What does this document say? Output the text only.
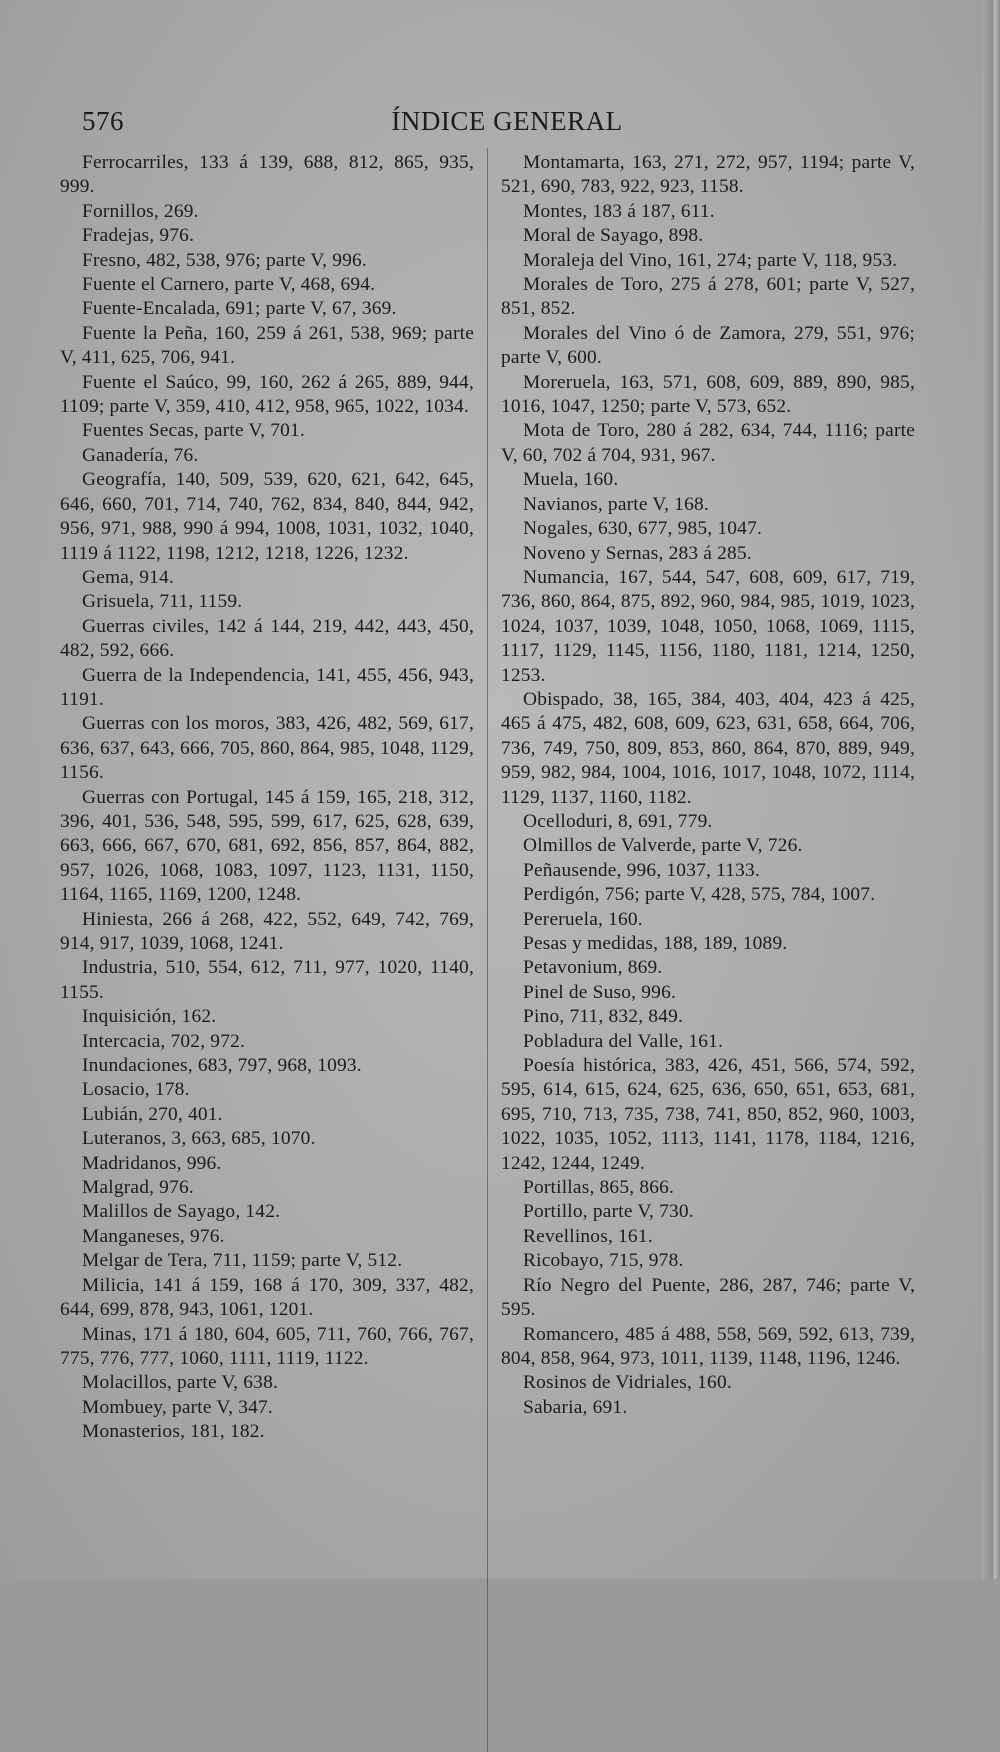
576	ÍNDICE GENERAL

Ferrocarriles, 133 á 139, 688, 812, 865, 935, 999.

Fornillos, 269.

Fradejas, 976.

Fresno, 482, 538, 976; parte V, 996.

Fuente el Carnero, parte V, 468, 694.

Fuente-Encalada, 691; parte V, 67, 369.

Fuente la Peña, 160, 259 á 261, 538, 969; parte V, 411, 625, 706, 941.

Fuente el Saúco, 99, 160, 262 á 265, 889, 944, 1109; parte V, 359, 410, 412, 958, 965, 1022, 1034.

Fuentes Secas, parte V, 701.

Ganadería, 76.

Geografía, 140, 509, 539, 620, 621, 642, 645, 646, 660, 701, 714, 740, 762, 834, 840, 844, 942, 956, 971, 988, 990 á 994, 1008, 1031, 1032, 1040, 1119 á 1122, 1198, 1212, 1218, 1226, 1232.

Gema, 914.

Grisuela, 711, 1159.

Guerras civiles, 142 á 144, 219, 442, 443, 450, 482, 592, 666.

Guerra de la Independencia, 141, 455, 456, 943, 1191.

Guerras con los moros, 383, 426, 482, 569, 617, 636, 637, 643, 666, 705, 860, 864, 985, 1048, 1129, 1156.

Guerras con Portugal, 145 á 159, 165, 218, 312, 396, 401, 536, 548, 595, 599, 617, 625, 628, 639, 663, 666, 667, 670, 681, 692, 856, 857, 864, 882, 957, 1026, 1068, 1083, 1097, 1123, 1131, 1150, 1164, 1165, 1169, 1200, 1248.

Hiniesta, 266 á 268, 422, 552, 649, 742, 769, 914, 917, 1039, 1068, 1241.

Industria, 510, 554, 612, 711, 977, 1020, 1140, 1155.

Inquisición, 162.

Intercacia, 702, 972.

Inundaciones, 683, 797, 968, 1093.

Losacio, 178.

Lubián, 270, 401.

Luteranos, 3, 663, 685, 1070.

Madridanos, 996.

Malgrad, 976.

Malillos de Sayago, 142.

Manganeses, 976.

Melgar de Tera, 711, 1159; parte V, 512.

Milicia, 141 á 159, 168 á 170, 309, 337, 482, 644, 699, 878, 943, 1061, 1201.

Minas, 171 á 180, 604, 605, 711, 760, 766, 767, 775, 776, 777, 1060, 1111, 1119, 1122.

Molacillos, parte V, 638.

Mombuey, parte V, 347.

Monasterios, 181, 182.

Montamarta, 163, 271, 272, 957, 1194; parte V, 521, 690, 783, 922, 923, 1158.

Montes, 183 á 187, 611.

Moral de Sayago, 898.

Moraleja del Vino, 161, 274; parte V, 118, 953.

Morales de Toro, 275 á 278, 601; parte V, 527, 851, 852.

Morales del Vino ó de Zamora, 279, 551, 976; parte V, 600.

Moreruela, 163, 571, 608, 609, 889, 890, 985, 1016, 1047, 1250; parte V, 573, 652.

Mota de Toro, 280 á 282, 634, 744, 1116; parte V, 60, 702 á 704, 931, 967.

Muela, 160.

Navianos, parte V, 168.

Nogales, 630, 677, 985, 1047.

Noveno y Sernas, 283 á 285.

Numancia, 167, 544, 547, 608, 609, 617, 719, 736, 860, 864, 875, 892, 960, 984, 985, 1019, 1023, 1024, 1037, 1039, 1048, 1050, 1068, 1069, 1115, 1117, 1129, 1145, 1156, 1180, 1181, 1214, 1250, 1253.

Obispado, 38, 165, 384, 403, 404, 423 á 425, 465 á 475, 482, 608, 609, 623, 631, 658, 664, 706, 736, 749, 750, 809, 853, 860, 864, 870, 889, 949, 959, 982, 984, 1004, 1016, 1017, 1048, 1072, 1114, 1129, 1137, 1160, 1182.

Ocelloduri, 8, 691, 779.

Olmillos de Valverde, parte V, 726.

Peñausende, 996, 1037, 1133.

Perdigón, 756; parte V, 428, 575, 784, 1007.

Pereruela, 160.

Pesas y medidas, 188, 189, 1089.

Petavonium, 869.

Pinel de Suso, 996.

Pino, 711, 832, 849.

Pobladura del Valle, 161.

Poesía histórica, 383, 426, 451, 566, 574, 592, 595, 614, 615, 624, 625, 636, 650, 651, 653, 681, 695, 710, 713, 735, 738, 741, 850, 852, 960, 1003, 1022, 1035, 1052, 1113, 1141, 1178, 1184, 1216, 1242, 1244, 1249.

Portillas, 865, 866.

Portillo, parte V, 730.

Revellinos, 161.

Ricobayo, 715, 978.

Río Negro del Puente, 286, 287, 746; parte V, 595.

Romancero, 485 á 488, 558, 569, 592, 613, 739, 804, 858, 964, 973, 1011, 1139, 1148, 1196, 1246.

Rosinos de Vidriales, 160.

Sabaria, 691.
